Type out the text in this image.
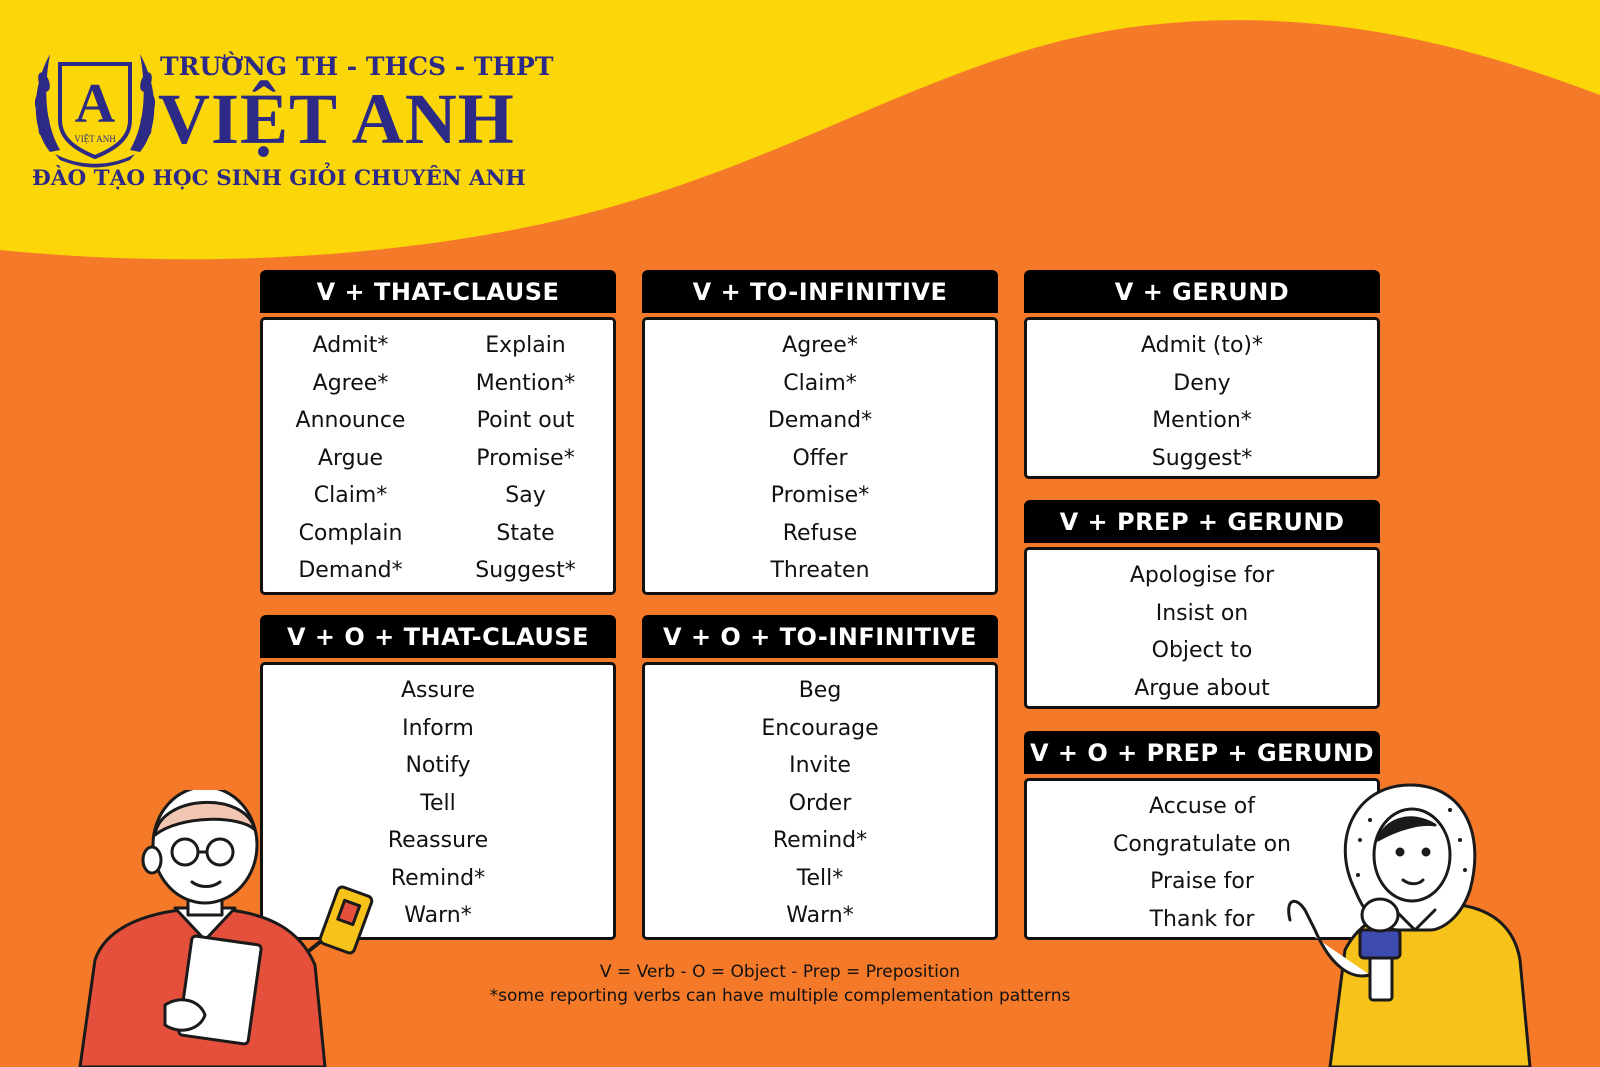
A
VIỆT ANH
TRƯỜNG TH - THCS - THPT
VIỆT ANH
ĐÀO TẠO HỌC SINH GIỎI CHUYÊN ANH
V + THAT-CLAUSE
Admit*
Agree*
Announce
Argue
Claim*
Complain
Demand*
Explain
Mention*
Point out
Promise*
Say
State
Suggest*
V + TO-INFINITIVE
Agree*
Claim*
Demand*
Offer
Promise*
Refuse
Threaten
V + GERUND
Admit (to)*
Deny
Mention*
Suggest*
V + PREP + GERUND
Apologise for
Insist on
Object to
Argue about
V + O + THAT-CLAUSE
Assure
Inform
Notify
Tell
Reassure
Remind*
Warn*
V + O + TO-INFINITIVE
Beg
Encourage
Invite
Order
Remind*
Tell*
Warn*
V + O + PREP + GERUND
Accuse of
Congratulate on
Praise for
Thank for
V = Verb - O = Object - Prep = Preposition
*some reporting verbs can have multiple complementation patterns
